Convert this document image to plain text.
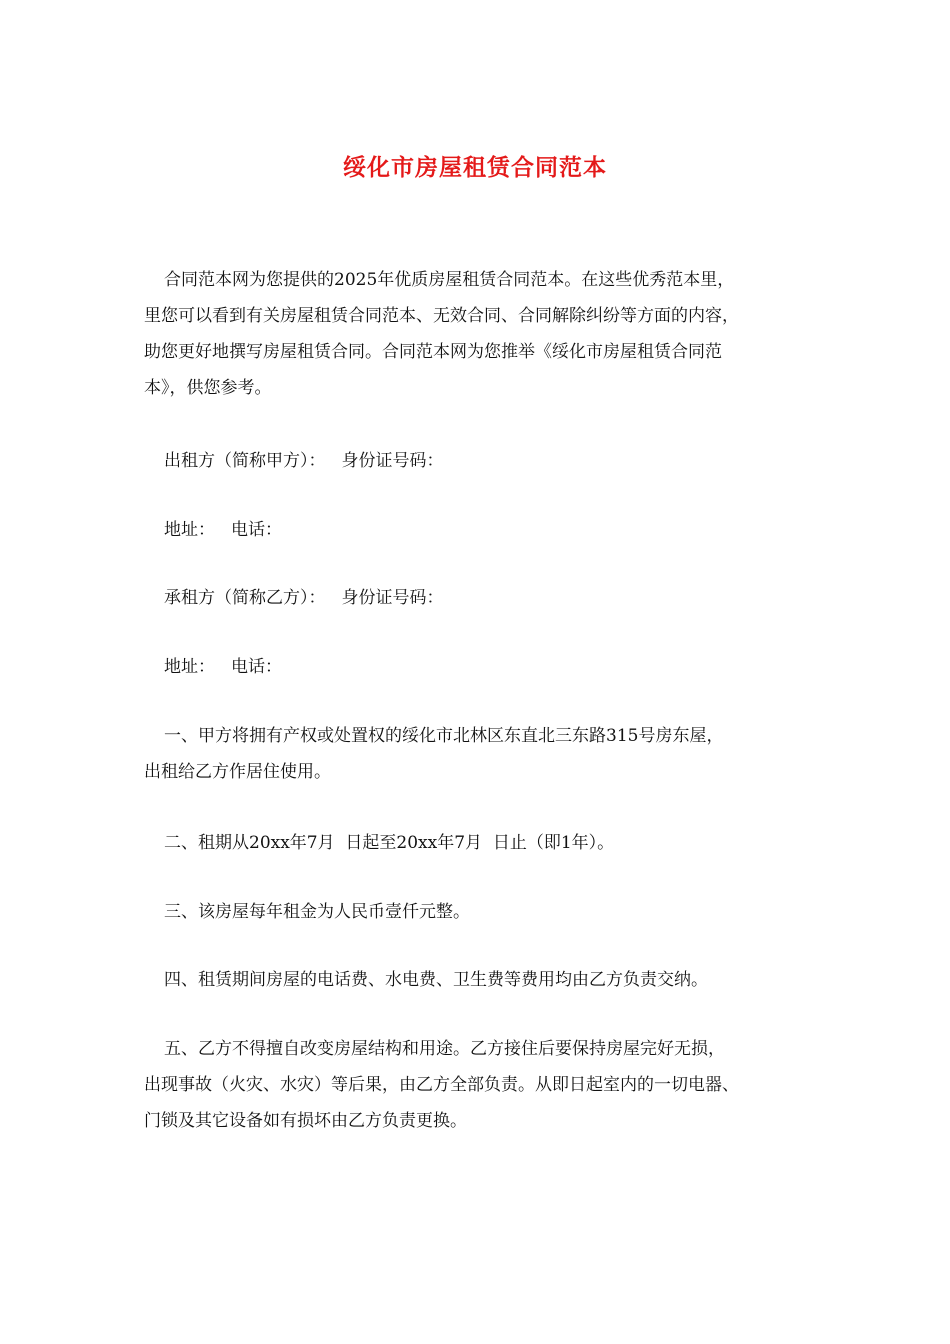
绥化市房屋租赁合同范本
合同范本网为您提供的2025年优质房屋租赁合同范本。在这些优秀范本里，
里您可以看到有关房屋租赁合同范本、无效合同、合同解除纠纷等方面的内容，
助您更好地撰写房屋租赁合同。合同范本网为您推举《绥化市房屋租赁合同范
本》，供您参考。
出租方（简称甲方）： 身份证号码：
地址： 电话：
承租方（简称乙方）： 身份证号码：
地址： 电话：
一、甲方将拥有产权或处置权的绥化市北林区东直北三东路315号房东屋，
出租给乙方作居住使用。
二、租期从20xx年7月  日起至20xx年7月  日止（即1年）。
三、该房屋每年租金为人民币壹仟元整。
四、租赁期间房屋的电话费、水电费、卫生费等费用均由乙方负责交纳。
五、乙方不得擅自改变房屋结构和用途。乙方接住后要保持房屋完好无损，
出现事故（火灾、水灾）等后果，由乙方全部负责。从即日起室内的一切电器、
门锁及其它设备如有损坏由乙方负责更换。
